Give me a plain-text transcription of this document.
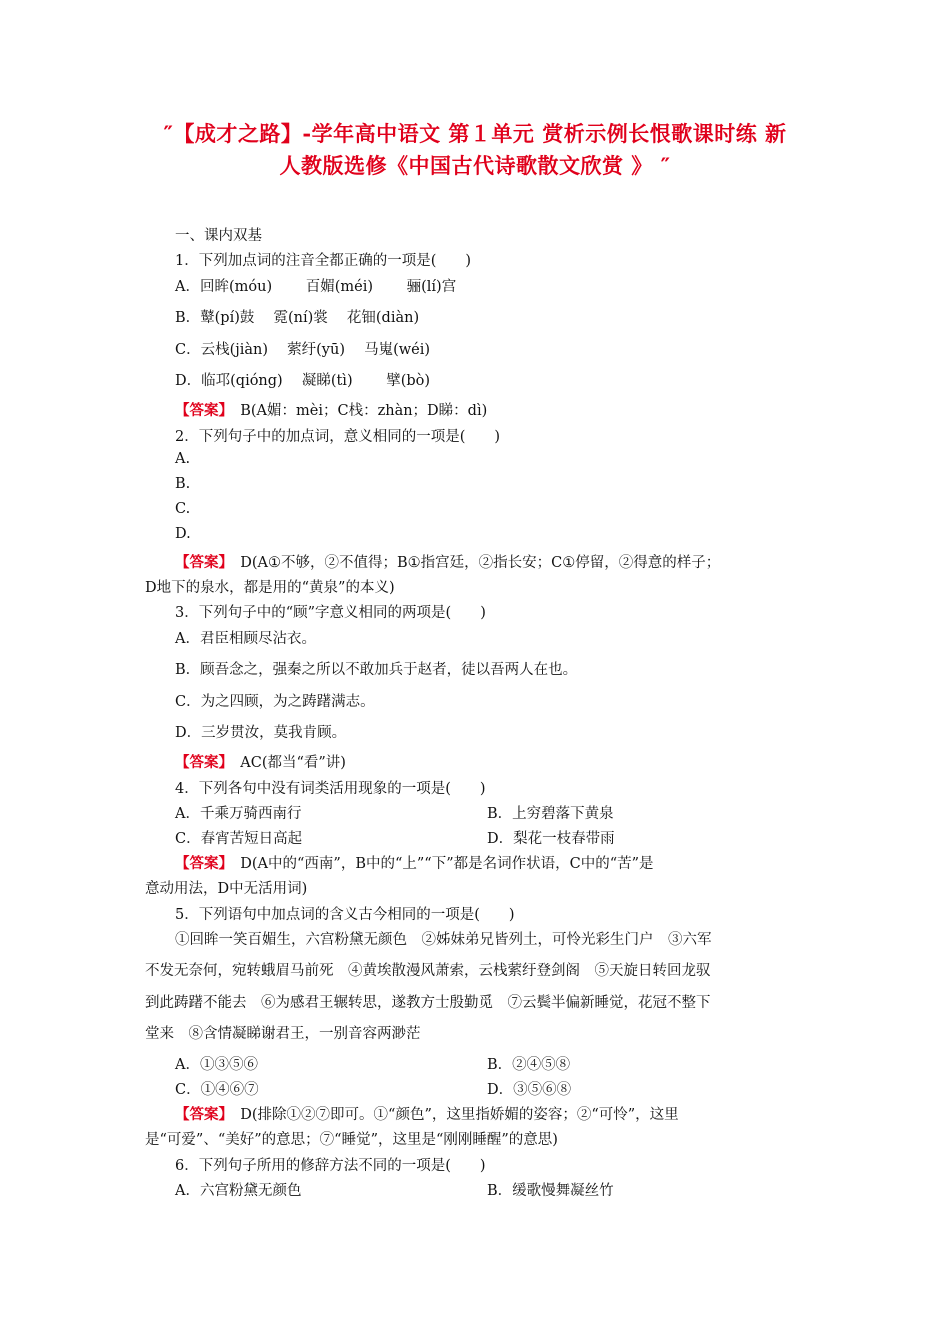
″【成才之路】-学年高中语文 第１单元 赏析示例长恨歌课时练 新
人教版选修《中国古代诗歌散文欣赏 》 ″
一、课内双基
1．下列加点词的注音全都正确的一项是(　　)
A．回眸(móu)　　 百媚(méi)　　 骊(lí)宫
B．鼙(pí)鼓　 霓(ní)裳　 花钿(diàn)
C．云栈(jiàn)　 萦纡(yū)　 马嵬(wéi)
D．临邛(qióng)　 凝睇(tì)　　 擘(bò)
【答案】　B(A媚：mèi；C栈：zhàn；D睇：dì)
2．下列句子中的加点词，意义相同的一项是(　　)
A.
B.
C.
D.
【答案】　D(A①不够，②不值得；B①指宫廷，②指长安；C①停留，②得意的样子；
D地下的泉水，都是用的“黄泉”的本义)
3．下列句子中的“顾”字意义相同的两项是(　　)
A．君臣相顾尽沾衣。
B．顾吾念之，强秦之所以不敢加兵于赵者，徒以吾两人在也。
C．为之四顾，为之踌躇满志。
D．三岁贯汝，莫我肯顾。
【答案】　AC(都当“看”讲)
4．下列各句中没有词类活用现象的一项是(　　)
A．千乘万骑西南行	B．上穷碧落下黄泉
C．春宵苦短日高起	D．梨花一枝春带雨
【答案】　D(A中的“西南”，B中的“上”“下”都是名词作状语，C中的“苦”是
意动用法，D中无活用词)
5．下列语句中加点词的含义古今相同的一项是(　　)
①回眸一笑百媚生，六宫粉黛无颜色　②姊妹弟兄皆列土，可怜光彩生门户　③六军
不发无奈何，宛转蛾眉马前死　④黄埃散漫风萧索，云栈萦纡登剑阁　⑤天旋日转回龙驭
到此踌躇不能去　⑥为感君王辗转思，遂教方士殷勤觅　⑦云鬓半偏新睡觉，花冠不整下
堂来　⑧含情凝睇谢君王，一别音容两渺茫
A．①③⑤⑥	B．②④⑤⑧
C．①④⑥⑦	D．③⑤⑥⑧
【答案】　D(排除①②⑦即可。①“颜色”，这里指娇媚的姿容；②“可怜”，这里
是“可爱”、“美好”的意思；⑦“睡觉”，这里是“刚刚睡醒”的意思)
6．下列句子所用的修辞方法不同的一项是(　　)
A．六宫粉黛无颜色	B．缓歌慢舞凝丝竹
